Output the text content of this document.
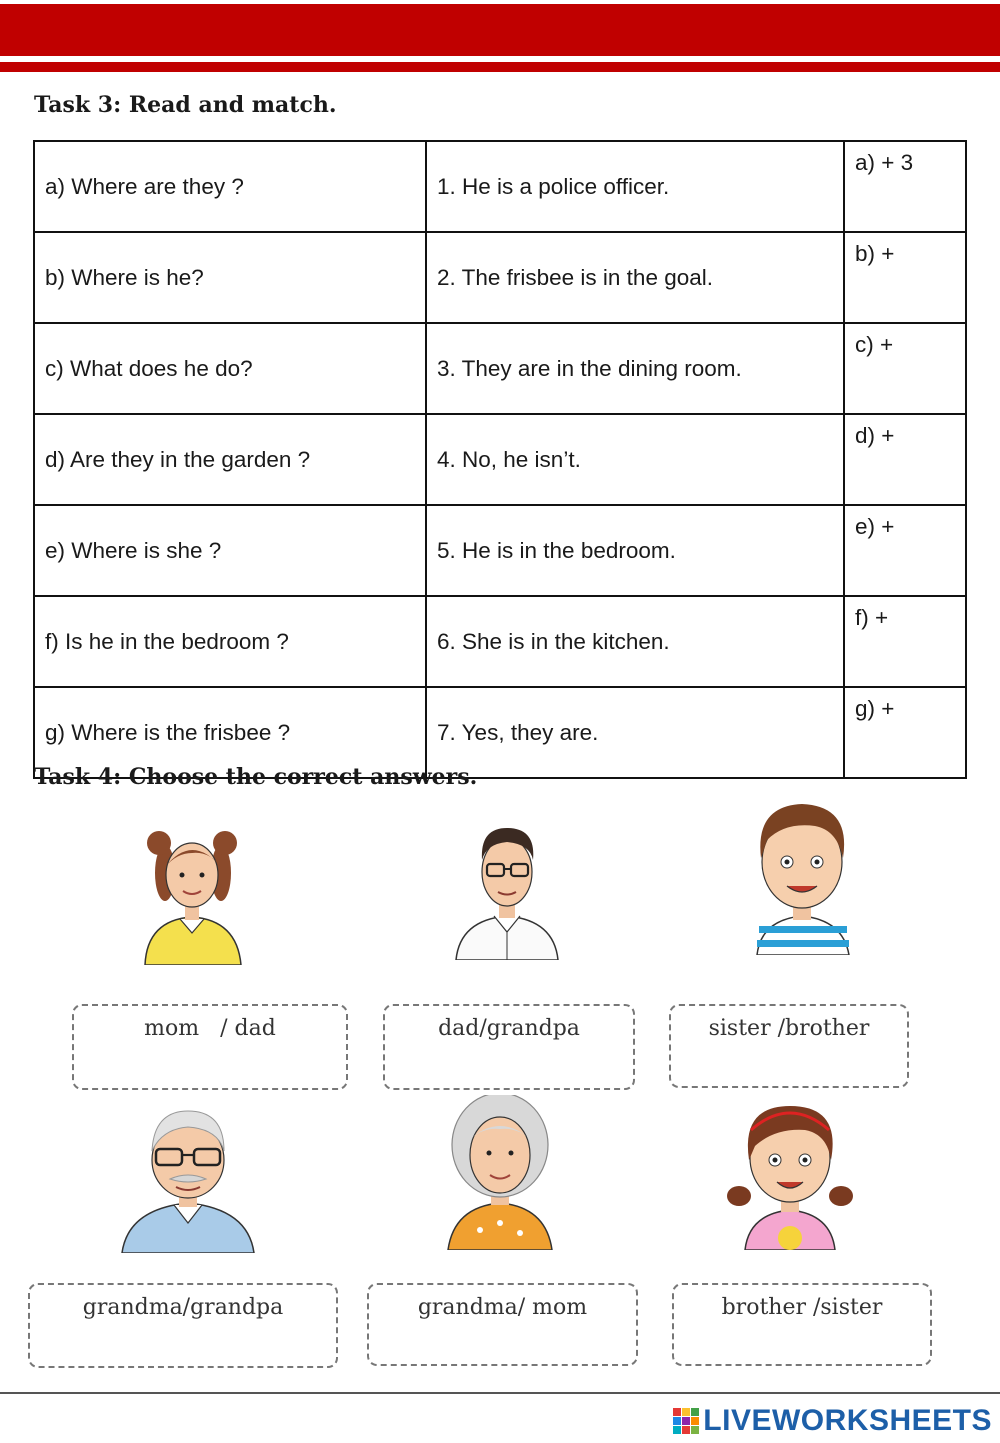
Task 3: Read and match.
a) Where are they ?	1. He is a police officer.	a) + 3
b) Where is he?	2. The frisbee is in the goal.	b) +
c) What does he do?	3. They are in the dining room.	c) +
d) Are they in the garden ?	4. No, he isn’t.	d) +
e) Where is she ?	5. He is in the bedroom.	e) +
f) Is he in the bedroom ?	6. She is in the kitchen.	f) +
g) Where is the frisbee ?	7. Yes, they are.	g) +
Task 4: Choose the correct answers.
mom   / dad	dad/grandpa	sister /brother
grandma/grandpa	grandma/ mom	brother /sister
LIVEWORKSHEETS
